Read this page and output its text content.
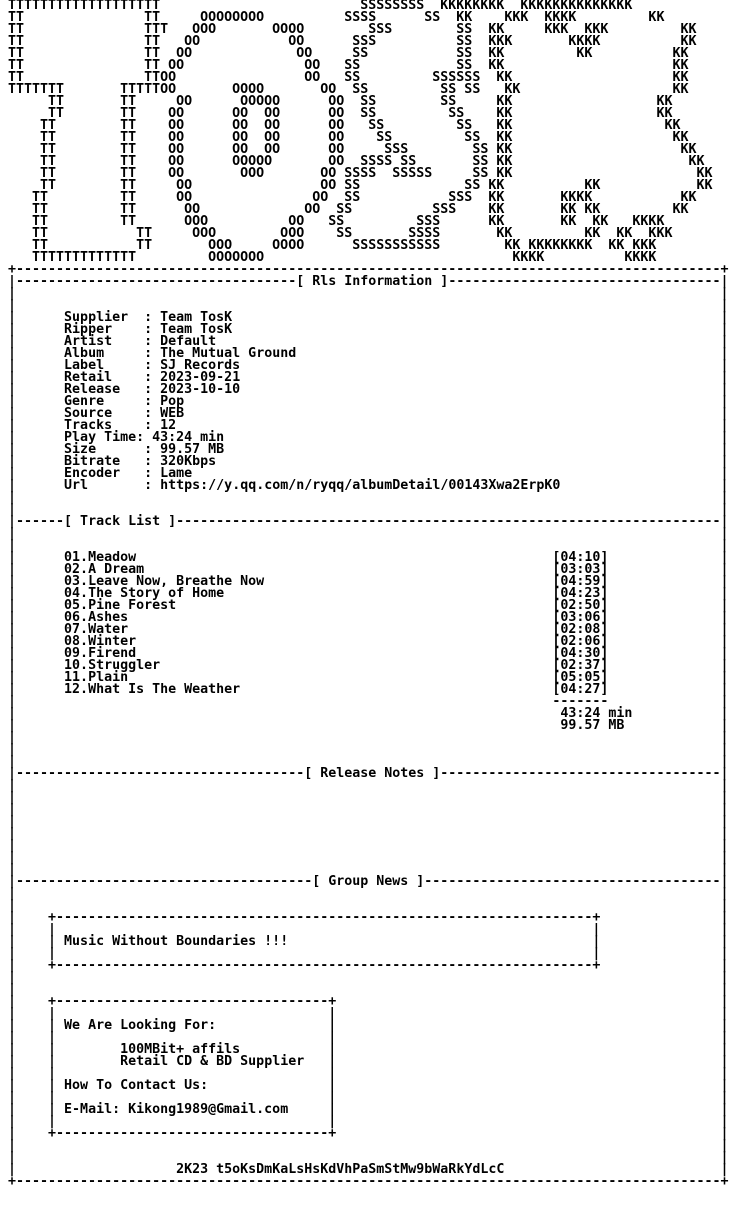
TTTTTTTTTTTTTTTTTTT                         SSSSSSSS  KKKKKKKK  KKKKKKKKKKKKKK
TT               TT     OOOOOOOO          SSSS      SS  KK    KKK  KKKK         KK
TT               TTT   OOO       OOOO        SSS        SS  KK     KKK  KKK         KK
TT               TT   OO           OO      SSS          SS  KKK       KKKK          KK
TT               TT  OO             OO     SS           SS  KK         KK          KK
TT               TT OO               OO   SS            SS  KK                     KK
TT               TTOO                OO   SS         SSSSSS  KK                    KK
TTTTTTT       TTTTTOO       OOOO       OO  SS         SS SS   KK                   KK
TT       TT     OO      OOOOO      OO  SS        SS     KK                  KK
TT       TT    OO      OO  OO      OO  SS         SS    KK                  KK
TT        TT    OO      OO  OO      OO   SS         SS   KK                   KK
TT        TT    OO      OO  OO      OO    SS         SS  KK                    KK
TT        TT    OO      OO  OO      OO     SSS        SS KK                     KK
TT        TT    OO      OOOOO       OO  SSSS SS       SS KK                      KK
TT        TT    OO       OOO       OO SSSS  SSSSS     SS KK                       KK
TT        TT     OO                OO SS             SS KK          KK            KK
TT         TT     OO               OO  SS           SSS  KK       KKKK           KK
TT         TT      OO             OO  SS          SSS    KK       KK KK         KK
TT         TT      OOO          OO   SS         SSS      KK       KK  KK   KKKK
TT           TT     OOO        OOO    SS       SSSS       KK         KK  KK  KKK
TT           TT       OOO     OOOO      SSSSSSSSSSS        KK KKKKKKKK  KK KKK
TTTTTTTTTTTTT         OOOOOOO                               KKKK          KKKK
+----------------------------------------------------------------------------------------+
|-----------------------------------[ Rls Information ]----------------------------------|
|                                                                                        |
|                                                                                        |
|      Supplier  : Team TosK                                                             |
|      Ripper    : Team TosK                                                             |
|      Artist    : Default                                                               |
|      Album     : The Mutual Ground                                                     |
|      Label     : SJ Records                                                            |
|      Retail    : 2023-09-21                                                            |
|      Release   : 2023-10-10                                                            |
|      Genre     : Pop                                                                   |
|      Source    : WEB                                                                   |
|      Tracks    : 12                                                                    |
|      Play Time: 43:24 min                                                              |
|      Size      : 99.57 MB                                                              |
|      Bitrate   : 320Kbps                                                               |
|      Encoder   : Lame                                                                  |
|      Url       : https://y.qq.com/n/ryqq/albumDetail/00143Xwa2ErpK0                    |
|                                                                                        |
|                                                                                        |
|------[ Track List ]--------------------------------------------------------------------|
|                                                                                        |
|                                                                                        |
|      01.Meadow	[04:10]              |
|      02.A Dream	[03:03]              |
|      03.Leave Now, Breathe Now	[04:59]              |
|      04.The Story of Home	[04:23]              |
|      05.Pine Forest	[02:50]              |
|      06.Ashes	[03:06]              |
|      07.Water	[02:08]              |
|      08.Winter	[02:06]              |
|      09.Firend	[04:30]              |
|      10.Struggler	[02:37]              |
|      11.Plain	[05:05]              |
|      12.What Is The Weather	[04:27]              |
|                                                                   -------              |
|                                                                    43:24 min           |
|                                                                    99.57 MB            |
|                                                                                        |
|                                                                                        |
|                                                                                        |
|------------------------------------[ Release Notes ]-----------------------------------|
|                                                                                        |
|                                                                                        |
|                                                                                        |
|                                                                                        |
|                                                                                        |
|                                                                                        |
|                                                                                        |
|                                                                                        |
|-------------------------------------[ Group News ]-------------------------------------|
|                                                                                        |
|                                                                                        |
|    +-------------------------------------------------------------------+               |
|    |                                                                   |               |
|    | Music Without Boundaries !!!                                      |               |
|    |                                                                   |               |
|    +-------------------------------------------------------------------+               |
|                                                                                        |
|                                                                                        |
|    +----------------------------------+                                                |
|    |                                  |                                                |
|    | We Are Looking For:              |                                                |
|    |                                  |                                                |
|    |        100MBit+ affils           |                                                |
|    |        Retail CD & BD Supplier   |                                                |
|    |                                  |                                                |
|    | How To Contact Us:               |                                                |
|    |                                  |                                                |
|    | E-Mail: Kikong1989@Gmail.com     |                                                |
|    |                                  |                                                |
|    +----------------------------------+                                                |
|                                                                                        |
|                                                                                        |
|                    2K23 t5oKsDmKaLsHsKdVhPaSmStMw9bWaRkYdLcC                           |
+----------------------------------------------------------------------------------------+
